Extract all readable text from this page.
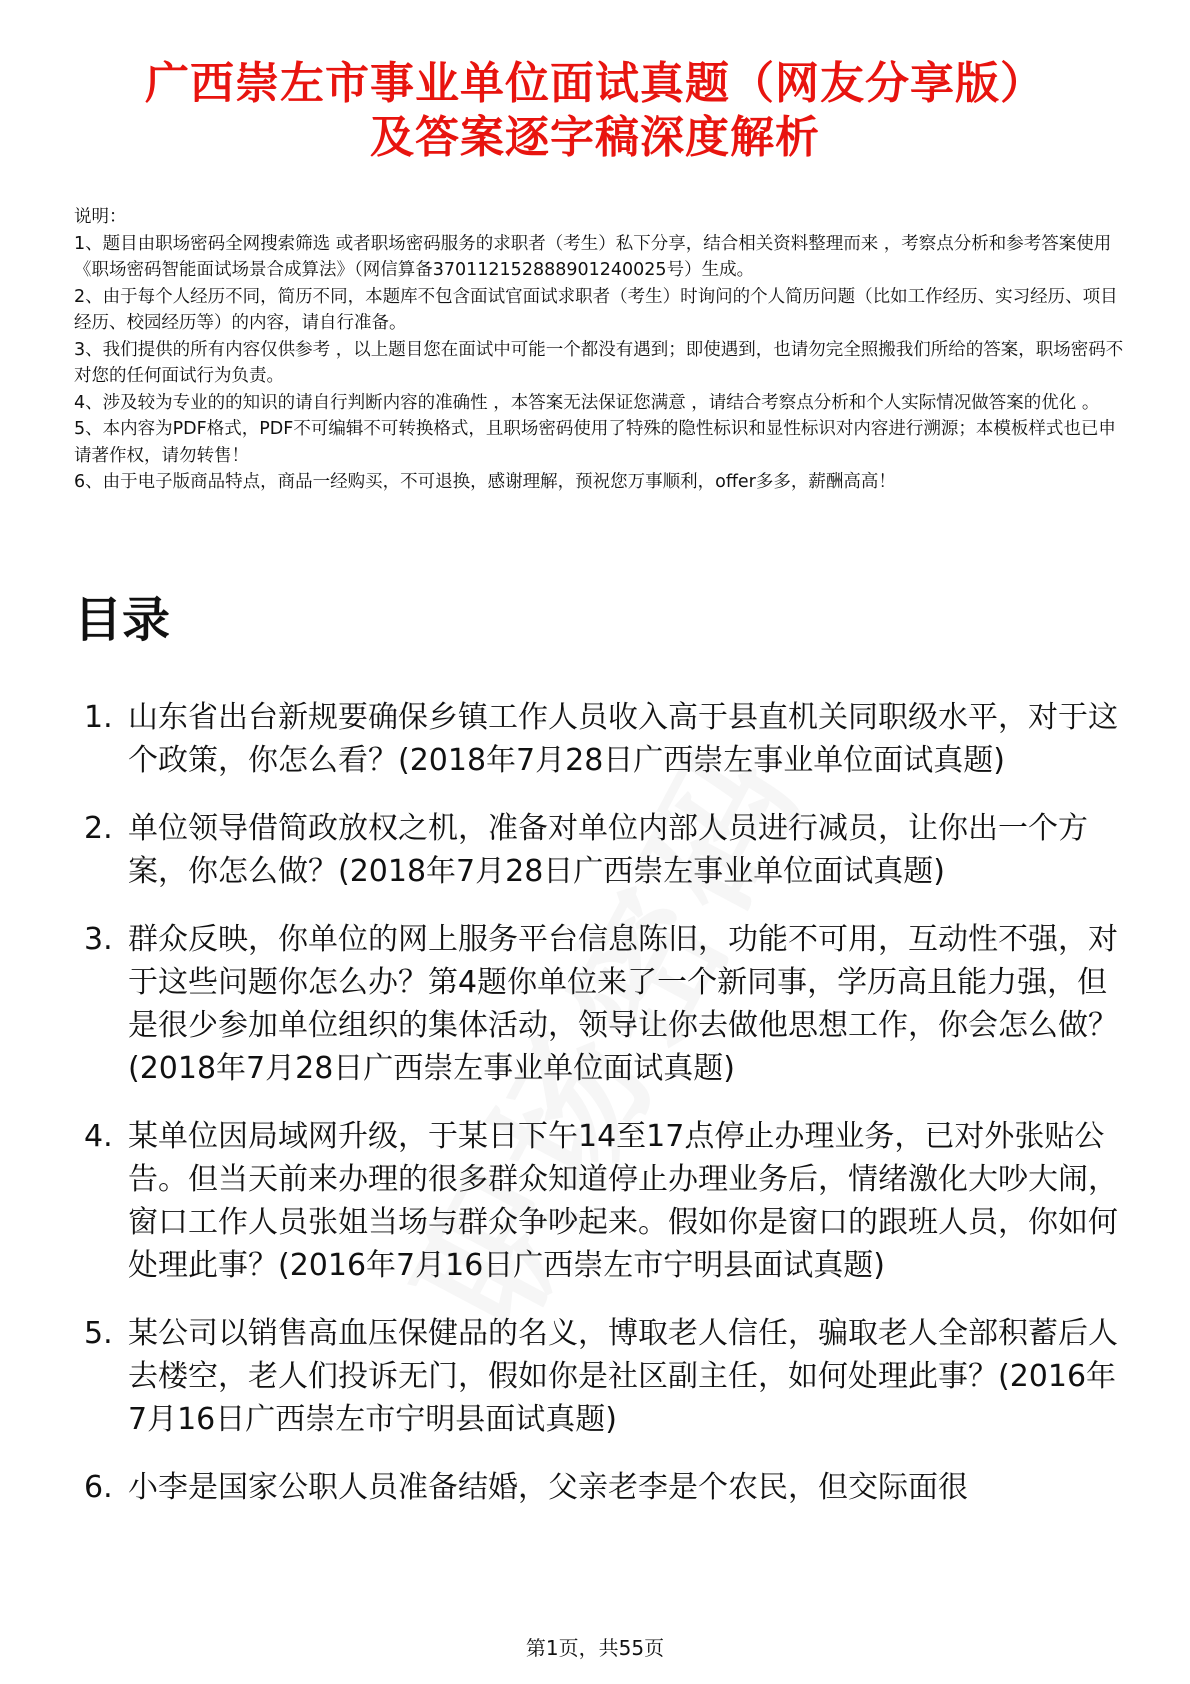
广西崇左市事业单位面试真题（网友分享版）
及答案逐字稿深度解析

说明：

1、题目由职场密码全网搜索筛选 或者职场密码服务的求职者（考生）私下分享，结合相关资料整理而来 ，考察点分析和参考答案使用《职场密码智能面试场景合成算法》（网信算备370112152888901240025号）生成。

2、由于每个人经历不同，简历不同，本题库不包含面试官面试求职者（考生）时询问的个人简历问题（比如工作经历、实习经历、项目经历、校园经历等）的内容，请自行准备。

3、我们提供的所有内容仅供参考 ，以上题目您在面试中可能一个都没有遇到；即使遇到，也请勿完全照搬我们所给的答案，职场密码不对您的任何面试行为负责。

4、涉及较为专业的的知识的请自行判断内容的准确性 ，本答案无法保证您满意 ，请结合考察点分析和个人实际情况做答案的优化 。

5、本内容为PDF格式，PDF不可编辑不可转换格式，且职场密码使用了特殊的隐性标识和显性标识对内容进行溯源；本模板样式也已申请著作权，请勿转售！

6、由于电子版商品特点，商品一经购买，不可退换，感谢理解，预祝您万事顺利，offer多多，薪酬高高！

目录
1. 山东省出台新规要确保乡镇工作人员收入高于县直机关同职级水平，对于这个政策，你怎么看？(2018年7月28日广西崇左事业单位面试真题)
2. 单位领导借简政放权之机，准备对单位内部人员进行减员，让你出一个方案，你怎么做？(2018年7月28日广西崇左事业单位面试真题)
3. 群众反映，你单位的网上服务平台信息陈旧，功能不可用，互动性不强，对于这些问题你怎么办？第4题你单位来了一个新同事，学历高且能力强，但是很少参加单位组织的集体活动，领导让你去做他思想工作，你会怎么做？(2018年7月28日广西崇左事业单位面试真题)
4. 某单位因局域网升级，于某日下午14至17点停止办理业务，已对外张贴公告。但当天前来办理的很多群众知道停止办理业务后，情绪激化大吵大闹，窗口工作人员张姐当场与群众争吵起来。假如你是窗口的跟班人员，你如何处理此事？(2016年7月16日广西崇左市宁明县面试真题)
5. 某公司以销售高血压保健品的名义，博取老人信任，骗取老人全部积蓄后人去楼空，老人们投诉无门，假如你是社区副主任，如何处理此事？(2016年7月16日广西崇左市宁明县面试真题)
6. 小李是国家公职人员准备结婚，父亲老李是个农民，但交际面很
第1页，共55页
